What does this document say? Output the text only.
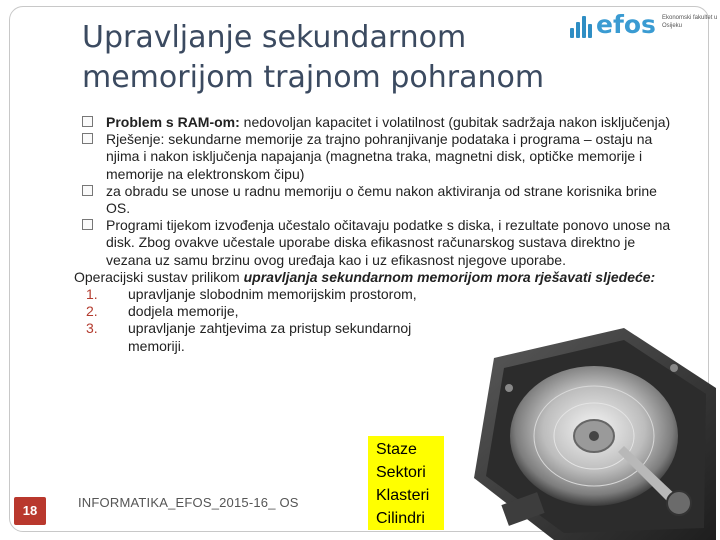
Upravljanje sekundarnom memorijom trajnom pohranom
efos Ekonomski fakultet u Osijeku
Problem s RAM-om: nedovoljan kapacitet i volatilnost (gubitak sadržaja nakon isključenja)
Rješenje: sekundarne memorije za trajno pohranjivanje podataka i programa – ostaju na njima i nakon isključenja napajanja (magnetna traka, magnetni disk, optičke memorije i memorije na elektronskom čipu)
za obradu se unose u radnu memoriju o čemu nakon aktiviranja od strane korisnika brine OS.
Programi tijekom izvođenja učestalo očitavaju podatke s diska, i rezultate ponovo unose na disk. Zbog ovakve učestale uporabe diska efikasnost računarskog sustava direktno je vezana uz samu brzinu ovog uređaja kao i uz efikasnost njegove uporabe.
Operacijski sustav prilikom upravljanja sekundarnom memorijom mora rješavati sljedeće:
1. upravljanje slobodnim memorijskim prostorom,
2. dodjela memorije,
3. upravljanje zahtjevima za pristup sekundarnoj memoriji.
Staze
Sektori
Klasteri
Cilindri
18
INFORMATIKA_EFOS_2015-16_ OS
